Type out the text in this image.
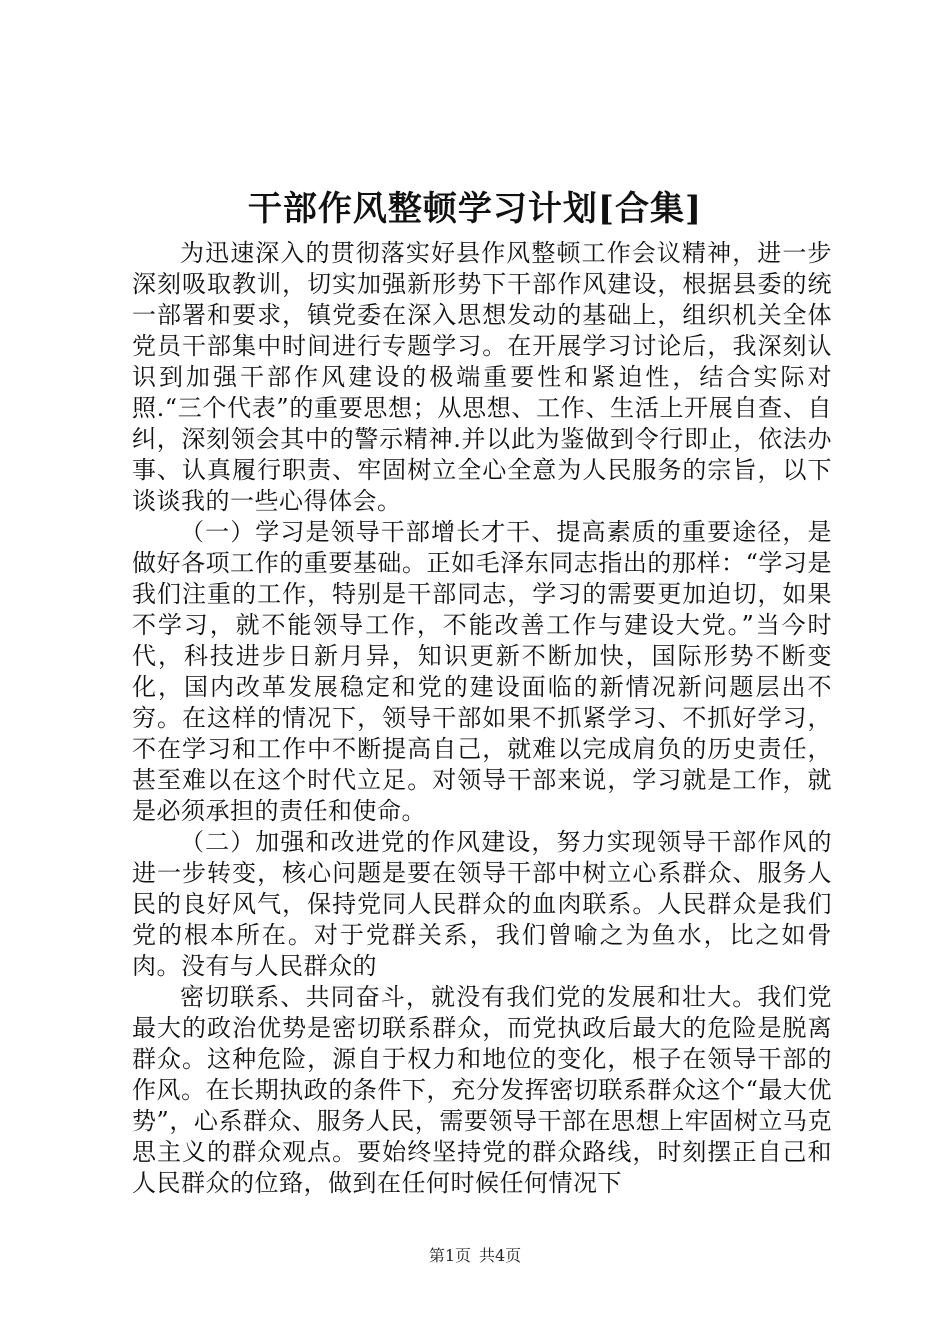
干部作风整顿学习计划[合集]

为迅速深入的贯彻落实好县作风整顿工作会议精神，进一步深刻吸取教训，切实加强新形势下干部作风建设，根据县委的统一部署和要求，镇党委在深入思想发动的基础上，组织机关全体党员干部集中时间进行专题学习。在开展学习讨论后，我深刻认识到加强干部作风建设的极端重要性和紧迫性，结合实际对照.“三个代表”的重要思想；从思想、工作、生活上开展自查、自纠，深刻领会其中的警示精神.并以此为鉴做到令行即止，依法办事、认真履行职责、牢固树立全心全意为人民服务的宗旨，以下谈谈我的一些心得体会。

（一）学习是领导干部增长才干、提高素质的重要途径，是做好各项工作的重要基础。正如毛泽东同志指出的那样：“学习是我们注重的工作，特别是干部同志，学习的需要更加迫切，如果不学习，就不能领导工作，不能改善工作与建设大党。”当今时代，科技进步日新月异，知识更新不断加快，国际形势不断变化，国内改革发展稳定和党的建设面临的新情况新问题层出不穷。在这样的情况下，领导干部如果不抓紧学习、不抓好学习，不在学习和工作中不断提高自己，就难以完成肩负的历史责任，甚至难以在这个时代立足。对领导干部来说，学习就是工作，就是必须承担的责任和使命。

（二）加强和改进党的作风建设，努力实现领导干部作风的进一步转变，核心问题是要在领导干部中树立心系群众、服务人民的良好风气，保持党同人民群众的血肉联系。人民群众是我们党的根本所在。对于党群关系，我们曾喻之为鱼水，比之如骨肉。没有与人民群众的

密切联系、共同奋斗，就没有我们党的发展和壮大。我们党最大的政治优势是密切联系群众，而党执政后最大的危险是脱离群众。这种危险，源自于权力和地位的变化，根子在领导干部的作风。在长期执政的条件下，充分发挥密切联系群众这个“最大优势”，心系群众、服务人民，需要领导干部在思想上牢固树立马克思主义的群众观点。要始终坚持党的群众路线，时刻摆正自己和人民群众的位臵，做到在任何时候任何情况下

第1页 共4页
